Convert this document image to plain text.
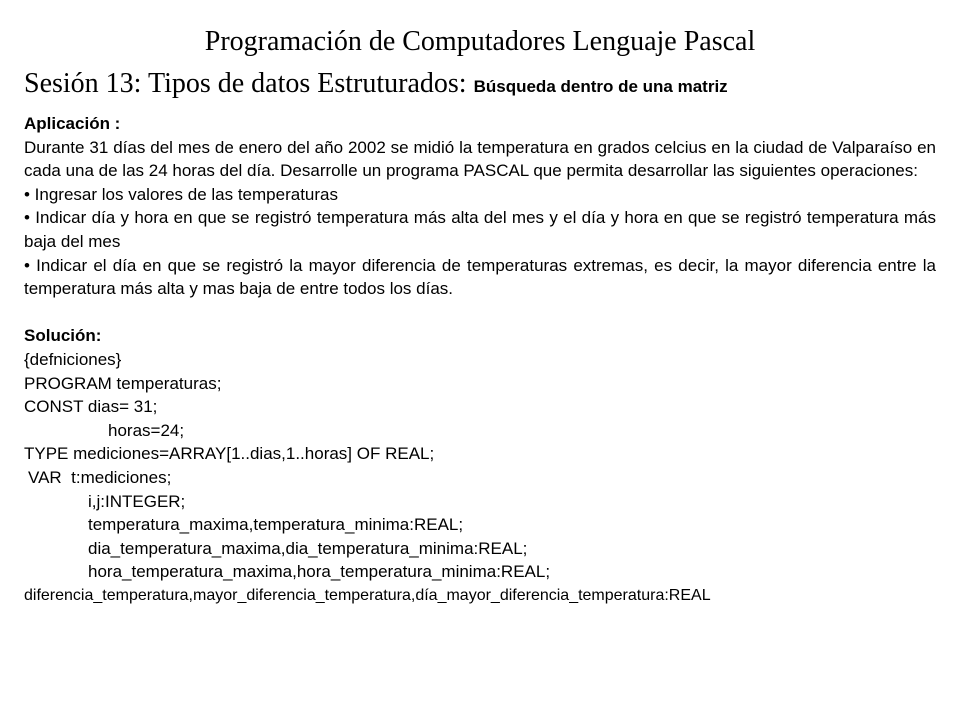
Programación de Computadores Lenguaje Pascal
Sesión 13: Tipos de datos Estruturados: Búsqueda dentro de una matriz

Aplicación :

Durante 31 días del mes de enero del año 2002 se midió la temperatura en grados celcius en la ciudad de Valparaíso en cada una de las 24 horas del día. Desarrolle un programa PASCAL que permita desarrollar las siguientes operaciones:

• Ingresar los valores de las temperaturas

• Indicar día y hora en que se registró temperatura más alta del mes y el día y hora en que se registró temperatura más baja del mes

• Indicar el día en que se registró la mayor diferencia de temperaturas extremas, es decir, la mayor diferencia entre la temperatura más alta y mas baja de entre todos los días.

Solución:

{defniciones}

PROGRAM temperaturas;

CONST dias= 31;

horas=24;

TYPE mediciones=ARRAY[1..dias,1..horas] OF REAL;

VAR  t:mediciones;

i,j:INTEGER;

temperatura_maxima,temperatura_minima:REAL;

dia_temperatura_maxima,dia_temperatura_minima:REAL;

hora_temperatura_maxima,hora_temperatura_minima:REAL;

diferencia_temperatura,mayor_diferencia_temperatura,día_mayor_diferencia_temperatura:REAL
